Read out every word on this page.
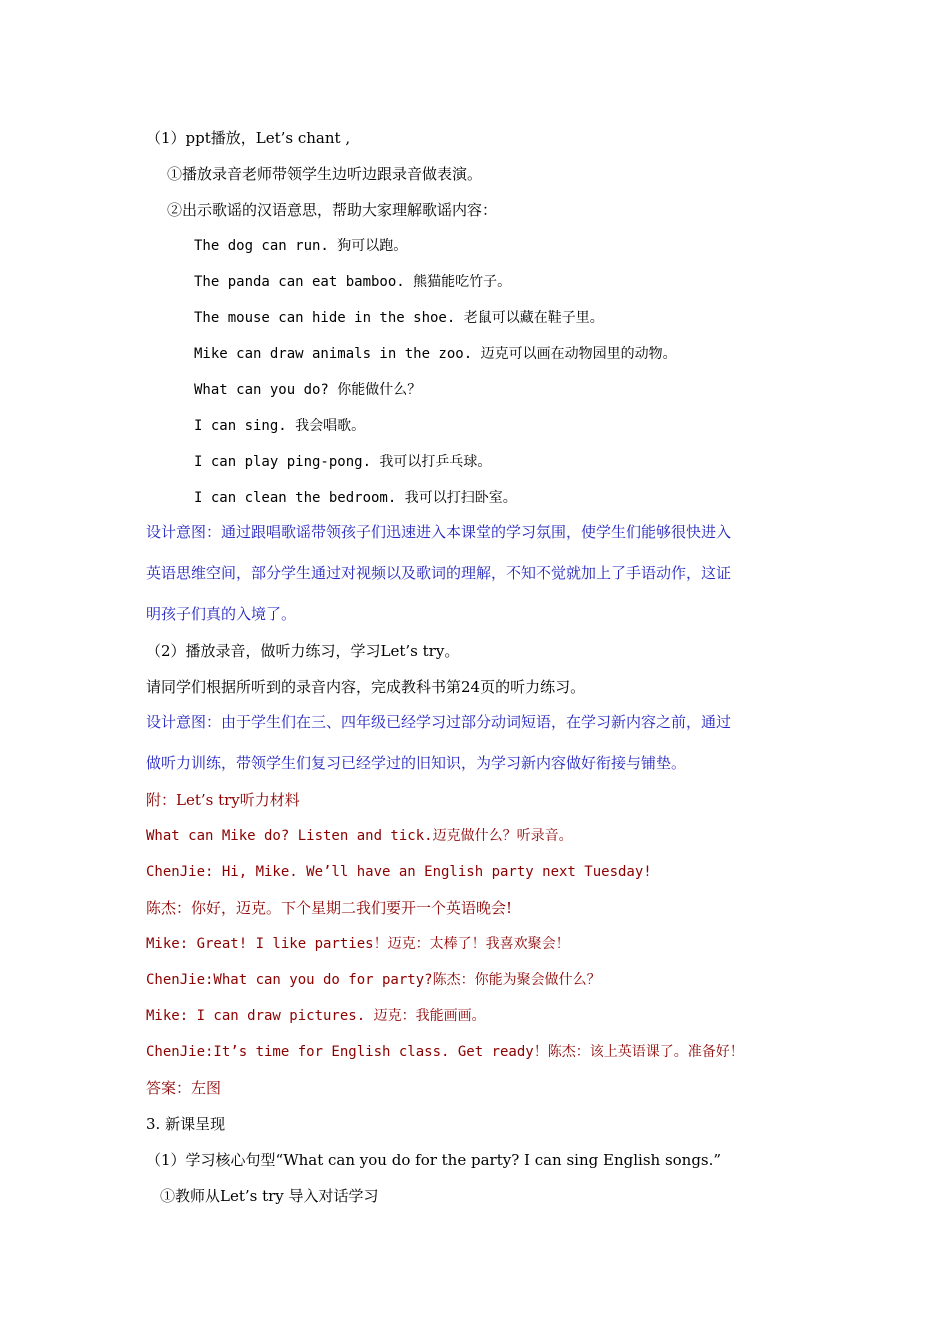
（1）ppt播放，Let’s chant ,
①播放录音老师带领学生边听边跟录音做表演。
②出示歌谣的汉语意思，帮助大家理解歌谣内容：
The dog can run. 狗可以跑。
The panda can eat bamboo. 熊猫能吃竹子。
The mouse can hide in the shoe. 老鼠可以藏在鞋子里。
Mike can draw animals in the zoo. 迈克可以画在动物园里的动物。
What can you do? 你能做什么？
I can sing. 我会唱歌。
I can play ping-pong. 我可以打乒乓球。
I can clean the bedroom. 我可以打扫卧室。
设计意图：通过跟唱歌谣带领孩子们迅速进入本课堂的学习氛围，使学生们能够很快进入
英语思维空间，部分学生通过对视频以及歌词的理解，不知不觉就加上了手语动作，这证
明孩子们真的入境了。
（2）播放录音，做听力练习，学习Let’s try。
请同学们根据所听到的录音内容，完成教科书第24页的听力练习。
设计意图：由于学生们在三、四年级已经学习过部分动词短语，在学习新内容之前，通过
做听力训练，带领学生们复习已经学过的旧知识，为学习新内容做好衔接与铺垫。
附：Let’s try听力材料
What can Mike do? Listen and tick.迈克做什么？听录音。
ChenJie: Hi, Mike. We’ll have an English party next Tuesday!
陈杰：你好，迈克。下个星期二我们要开一个英语晚会!
Mike: Great! I like parties！迈克：太棒了！我喜欢聚会！
ChenJie:What can you do for party?陈杰：你能为聚会做什么？
Mike: I can draw pictures. 迈克：我能画画。
ChenJie:It’s time for English class. Get ready！陈杰：该上英语课了。准备好！
答案：左图
3. 新课呈现
（1）学习核心句型“What can you do for the party? I can sing English songs.”
①教师从Let’s try 导入对话学习
